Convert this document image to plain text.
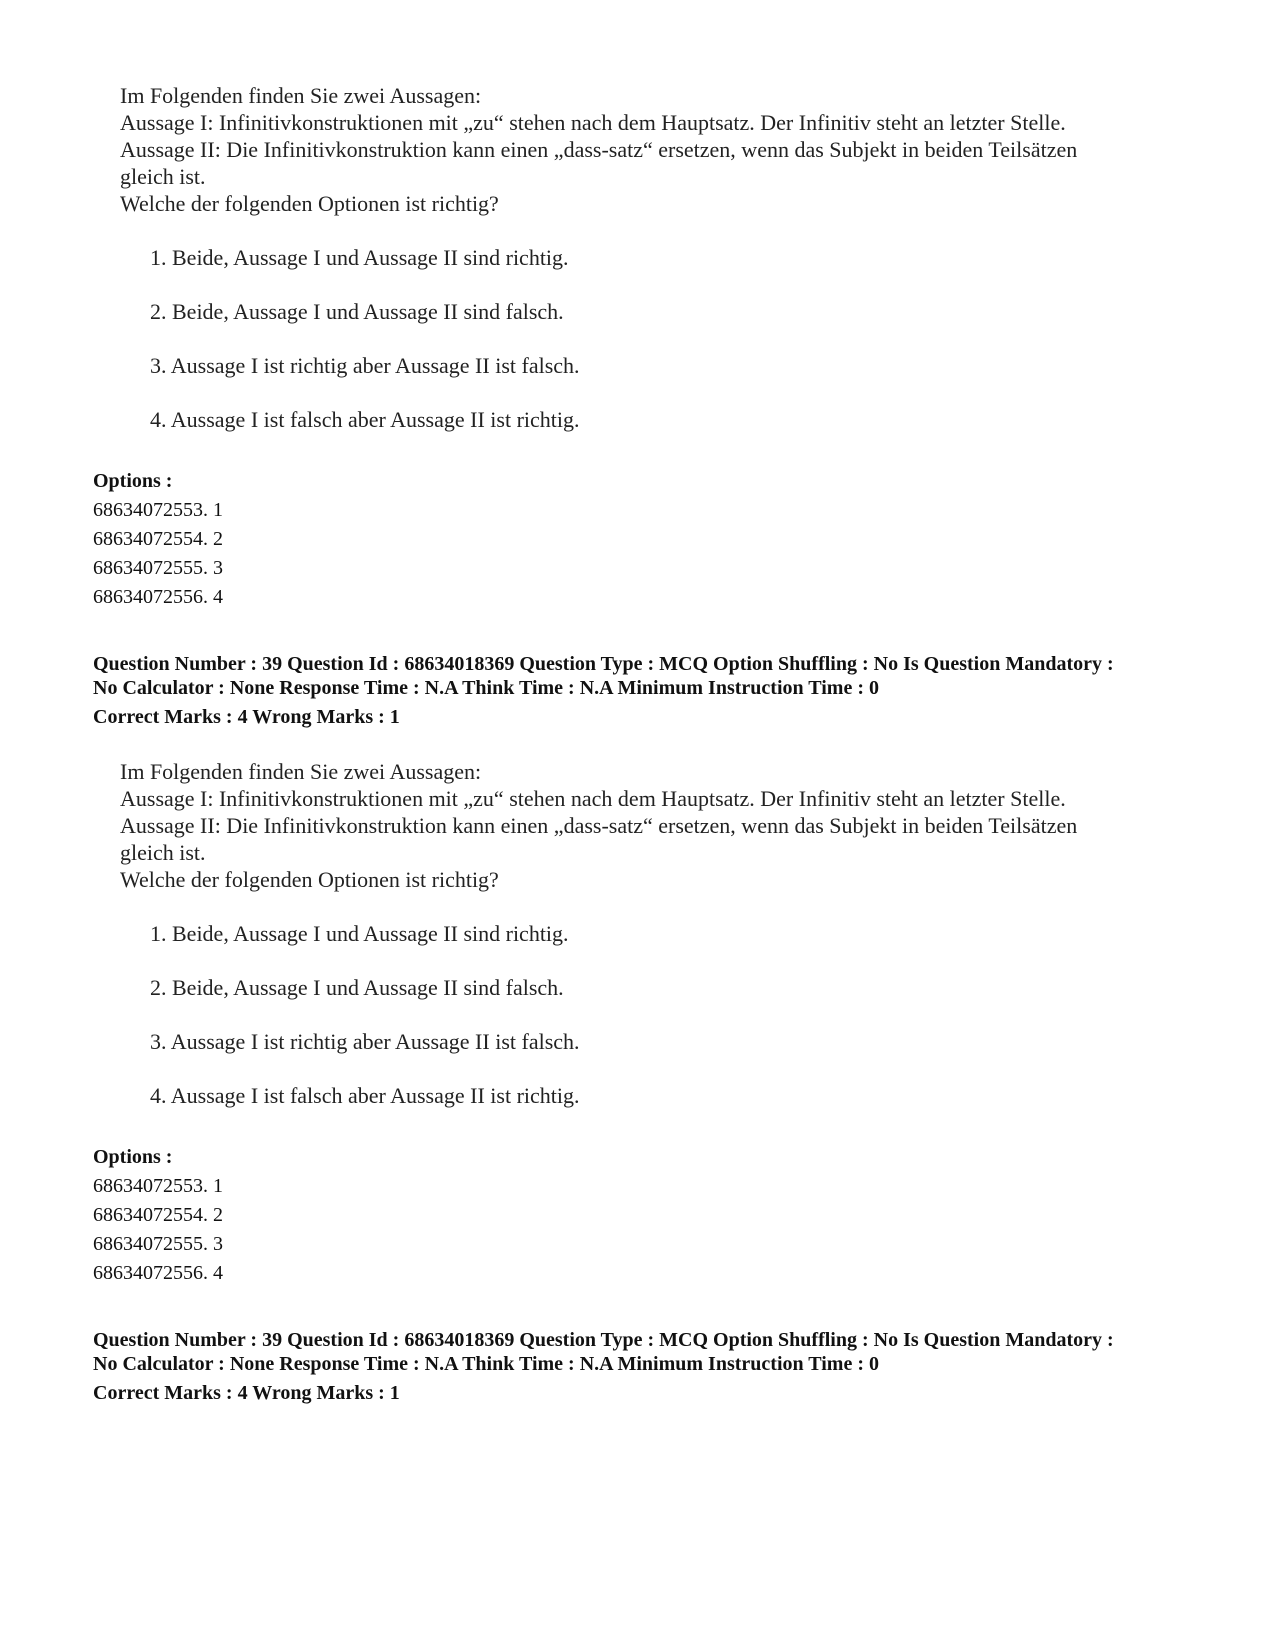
Im Folgenden finden Sie zwei Aussagen:
Aussage I: Infinitivkonstruktionen mit „zu“ stehen nach dem Hauptsatz. Der Infinitiv steht an letzter Stelle.
Aussage II: Die Infinitivkonstruktion kann einen „dass-satz“ ersetzen, wenn das Subjekt in beiden Teilsätzen
gleich ist.
Welche der folgenden Optionen ist richtig?
1. Beide, Aussage I und Aussage II sind richtig.
2. Beide, Aussage I und Aussage II sind falsch.
3. Aussage I ist richtig aber Aussage II ist falsch.
4. Aussage I ist falsch aber Aussage II ist richtig.
Options :
68634072553. 1
68634072554. 2
68634072555. 3
68634072556. 4
Question Number : 39 Question Id : 68634018369 Question Type : MCQ Option Shuffling : No Is Question Mandatory :
No Calculator : None Response Time : N.A Think Time : N.A Minimum Instruction Time : 0
Correct Marks : 4 Wrong Marks : 1
Im Folgenden finden Sie zwei Aussagen:
Aussage I: Infinitivkonstruktionen mit „zu“ stehen nach dem Hauptsatz. Der Infinitiv steht an letzter Stelle.
Aussage II: Die Infinitivkonstruktion kann einen „dass-satz“ ersetzen, wenn das Subjekt in beiden Teilsätzen
gleich ist.
Welche der folgenden Optionen ist richtig?
1. Beide, Aussage I und Aussage II sind richtig.
2. Beide, Aussage I und Aussage II sind falsch.
3. Aussage I ist richtig aber Aussage II ist falsch.
4. Aussage I ist falsch aber Aussage II ist richtig.
Options :
68634072553. 1
68634072554. 2
68634072555. 3
68634072556. 4
Question Number : 39 Question Id : 68634018369 Question Type : MCQ Option Shuffling : No Is Question Mandatory :
No Calculator : None Response Time : N.A Think Time : N.A Minimum Instruction Time : 0
Correct Marks : 4 Wrong Marks : 1
